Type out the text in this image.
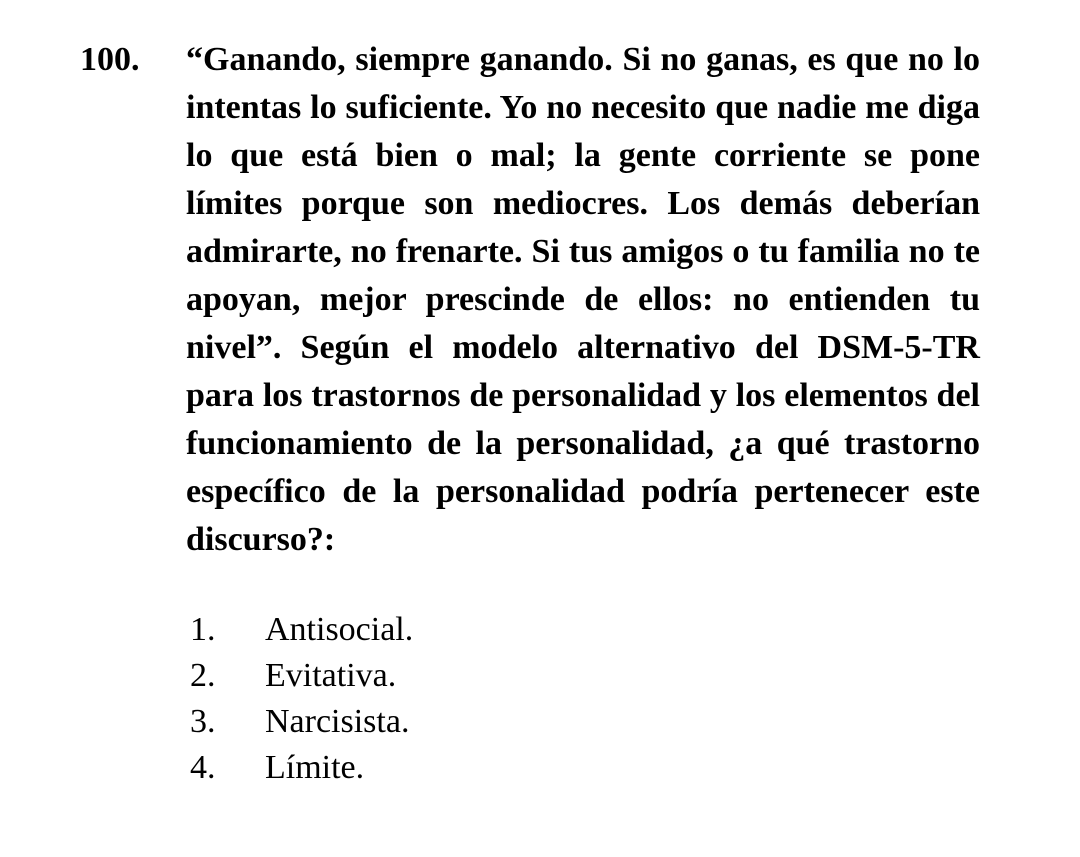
100. “Ganando, siempre ganando. Si no ganas, es que no lo intentas lo suficiente. Yo no necesito que nadie me diga lo que está bien o mal; la gente corriente se pone límites porque son mediocres. Los demás deberían admirarte, no frenarte. Si tus amigos o tu familia no te apoyan, mejor prescinde de ellos: no entienden tu nivel”. Según el modelo alternativo del DSM-5-TR para los trastornos de personalidad y los elementos del funcionamiento de la personalidad, ¿a qué trastorno específico de la personalidad podría pertenecer este discurso?:

1.	Antisocial.
2.	Evitativa.
3.	Narcisista.
4.	Límite.
